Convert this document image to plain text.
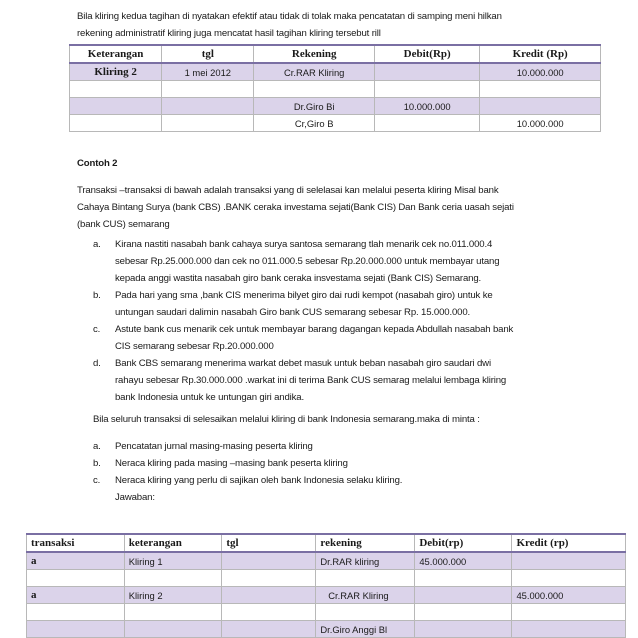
Bila kliring kedua tagihan di nyatakan efektif atau tidak di tolak maka pencatatan di samping meni hilkan
rekening administratif kliring juga mencatat hasil tagihan kliring tersebut rill
Keterangan	tgl	Rekening	Debit(Rp)	Kredit (Rp)
Kliring 2	1 mei 2012	Cr.RAR Kliring		10.000.000

		Dr.Giro Bi	10.000.000	
		Cr,Giro B		10.000.000
Contoh 2
Transaksi –transaksi di bawah adalah transaksi yang di selelasai kan melalui peserta kliring Misal bank
Cahaya Bintang Surya (bank CBS) .BANK ceraka investama sejati(Bank CIS) Dan Bank ceria uasah sejati
(bank CUS) semarang
a. Kirana nastiti nasabah bank cahaya surya santosa semarang tlah menarik cek no.011.000.4
sebesar Rp.25.000.000 dan cek no 011.000.5 sebesar Rp.20.000.000 untuk membayar utang
kepada anggi wastita nasabah giro bank ceraka insvestama sejati (Bank CIS) Semarang.
b. Pada hari yang sma ,bank CIS menerima bilyet giro dai rudi kempot (nasabah giro) untuk ke
untungan saudari dalimin nasabah Giro bank CUS semarang sebesar Rp. 15.000.000.
c. Astute bank cus menarik cek untuk membayar barang dagangan kepada Abdullah nasabah bank
CIS semarang sebesar Rp.20.000.000
d. Bank CBS semarang menerima warkat debet masuk untuk beban nasabah giro saudari dwi
rahayu sebesar Rp.30.000.000 .warkat ini di terima Bank CUS semarag melalui lembaga kliring
bank Indonesia untuk ke untungan giri andika.
Bila seluruh transaksi di selesaikan melalui kliring di bank Indonesia semarang.maka di minta :
a. Pencatatan jurnal masing-masing peserta kliring
b. Neraca kliring pada masing –masing bank peserta kliring
c. Neraca kliring yang perlu di sajikan oleh bank Indonesia selaku kliring.
Jawaban:
transaksi	keterangan	tgl	rekening	Debit(rp)	Kredit (rp)
a	Kliring 1		Dr.RAR kliring	45.000.000	

a	Kliring 2		Cr.RAR Kliring		45.000.000

			Dr.Giro Anggi Bl		
